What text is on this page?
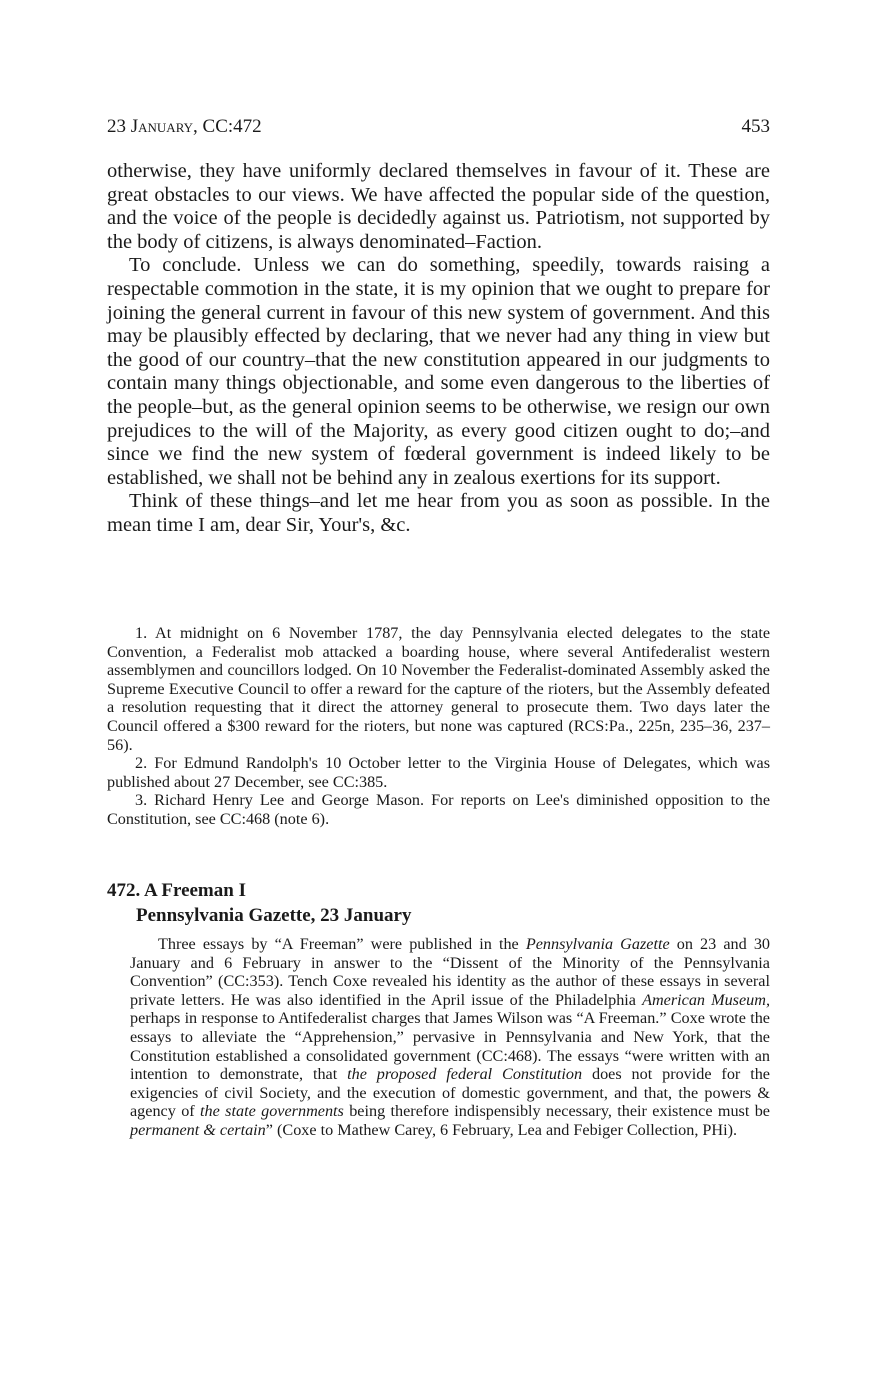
23 January, CC:472	453

otherwise, they have uniformly declared themselves in favour of it. These are great obstacles to our views. We have affected the popular side of the question, and the voice of the people is decidedly against us. Patriotism, not supported by the body of citizens, is always denominated–Faction.

To conclude. Unless we can do something, speedily, towards raising a respectable commotion in the state, it is my opinion that we ought to prepare for joining the general current in favour of this new system of government. And this may be plausibly effected by declaring, that we never had any thing in view but the good of our country–that the new constitution appeared in our judgments to contain many things objectionable, and some even dangerous to the liberties of the people–but, as the general opinion seems to be otherwise, we resign our own prejudices to the will of the Majority, as every good citizen ought to do;–and since we find the new system of fœderal government is indeed likely to be established, we shall not be behind any in zealous exertions for its support.

Think of these things–and let me hear from you as soon as possible. In the mean time I am, dear Sir, Your's, &c.

1. At midnight on 6 November 1787, the day Pennsylvania elected delegates to the state Convention, a Federalist mob attacked a boarding house, where several Antifederalist western assemblymen and councillors lodged. On 10 November the Federalist-dominated Assembly asked the Supreme Executive Council to offer a reward for the capture of the rioters, but the Assembly defeated a resolution requesting that it direct the attorney general to prosecute them. Two days later the Council offered a $300 reward for the rioters, but none was captured (RCS:Pa., 225n, 235–36, 237–56).

2. For Edmund Randolph's 10 October letter to the Virginia House of Delegates, which was published about 27 December, see CC:385.

3. Richard Henry Lee and George Mason. For reports on Lee's diminished opposition to the Constitution, see CC:468 (note 6).

472. A Freeman I
Pennsylvania Gazette, 23 January

Three essays by “A Freeman” were published in the Pennsylvania Gazette on 23 and 30 January and 6 February in answer to the “Dissent of the Minority of the Pennsylvania Convention” (CC:353). Tench Coxe revealed his identity as the author of these essays in several private letters. He was also identified in the April issue of the Philadelphia American Museum, perhaps in response to Antifederalist charges that James Wilson was “A Freeman.” Coxe wrote the essays to alleviate the “Apprehension,” pervasive in Pennsylvania and New York, that the Constitution established a consolidated government (CC:468). The essays “were written with an intention to demonstrate, that the proposed federal Constitution does not provide for the exigencies of civil Society, and the execution of domestic government, and that, the powers & agency of the state governments being therefore indispensibly necessary, their existence must be permanent & certain” (Coxe to Mathew Carey, 6 February, Lea and Febiger Collection, PHi).
